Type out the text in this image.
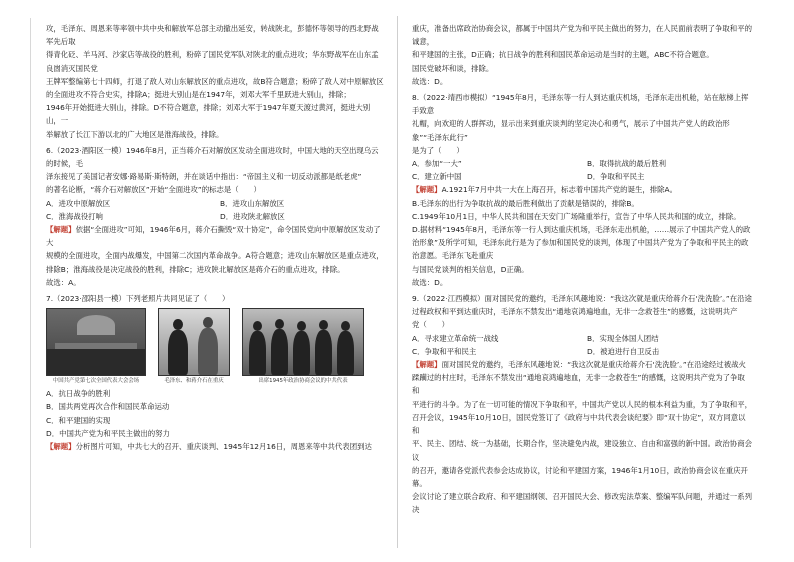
攻，毛泽东、周恩来等率领中共中央和解放军总部主动撤出延安，转战陕北，彭德怀等领导的西北野战军先后取

得青化砭、羊马河、沙家店等战役的胜利，粉碎了国民党军队对陕北的重点进攻；华东野战军在山东孟良崮消灭国民党

王牌军整编第七十四师，打退了敌人对山东解放区的重点进攻，故B符合题意；粉碎了敌人对中原解放区

的全面进攻不符合史实，排除A；挺进大别山是在1947年，刘邓大军千里跃进大别山，排除；

1946年开始挺进大别山，排除。D不符合题意，排除；刘邓大军于1947年夏天渡过黄河，挺进大别山，一

举解放了长江下游以北的广大地区是淮海战役，排除。

6.（2023·酒阳区一模）1946年8月，正当蒋介石对解放区发动全面进攻时，中国大地的天空出现乌云的时候，毛

泽东接见了美国记者安娜·路易斯·斯特朗，并在谈话中指出：“帝国主义和一切反动派都是纸老虎”

的著名论断，“蒋介石对解放区”开始“全面进攻”的标志是（　　）

A．进攻中原解放区	B．进攻山东解放区
C．淮海战役打响	D．进攻陕北解放区

【解题】依据“全面进攻”可知，1946年6月，蒋介石撕毁“双十协定”，命令国民党向中原解放区发动了大

规模的全面进攻，全面内战爆发，中国第二次国内革命战争。A符合题意；进攻山东解放区是重点进攻，

排除B；淮海战役是决定战役的胜利，排除C；进攻陕北解放区是蒋介石的重点进攻，排除。

故选：A。

7.（2023·邵阳县一模）下列老照片共同见证了（　　）

中国共产党第七次全国代表大会会场	毛泽东、和蒋介石在重庆	出席1945年政治协商会议的中共代表
A．抗日战争的胜利
B．国共两党再次合作和国民革命运动
C．和平建国的实现
D．中国共产党为和平民主做出的努力

【解题】分析图片可知，中共七大的召开、重庆谈判、1945年12月16日，周恩来等中共代表团到达

重庆，准备出席政治协商会议，都属于中国共产党为和平民主做出的努力，在人民面前表明了争取和平的诚意，

和平建国的主张，D正确；抗日战争的胜利和国民革命运动是当时的主题，ABC不符合题意。

国民党破坏和谈，排除。

故选：D。

8.（2022·靖西市模拟）“1945年8月，毛泽东等一行人到达重庆机场，毛泽东走出机舱，站在舷梯上挥手致意

礼帽，向欢迎的人群挥动，显示出来到重庆谈判的坚定决心和勇气，展示了中国共产党人的政治形象”“毛泽东此行”

是为了（　　）

A．参加“一大”	B．取得抗战的最后胜利
C．建立新中国	D．争取和平民主

【解题】A.1921年7月中共一大在上海召开，标志着中国共产党的诞生，排除A。

B.毛泽东的出行为争取抗战的最后胜利做出了贡献是错误的，排除B。

C.1949年10月1日，中华人民共和国在天安门广场隆重举行，宣告了中华人民共和国的成立，排除。

D.据材料“1945年8月，毛泽东等一行人到达重庆机场，毛泽东走出机舱，……展示了中国共产党人的政

治形象”及所学可知，毛泽东此行是为了参加和国民党的谈判，体现了中国共产党为了争取和平民主的政治意愿。毛泽东飞赴重庆

与国民党谈判的相关信息，D正确。

故选：D。

9.（2022·江西模拟）面对国民党的邀约，毛泽东风趣地说：“我这次就是重庆给蒋介石‘洗洗脸’。”在沿途

过程政权和平到达重庆时，毛泽东不禁发出“通地哀鸿遍地血，无非一念救苍生”的感慨，这说明共产

党（　　）

A．寻求建立革命统一战线	B．实现全体国人团结
C．争取和平和民主	D．被迫进行自卫反击

【解题】面对国民党的邀约，毛泽东风趣地说：“我这次就是重庆给蒋介石‘洗洗脸’。”在沿途经过被战火

蹂躏过的村庄时，毛泽东不禁发出“通地哀鸿遍地血，无非一念救苍生”的感慨，这说明共产党为了争取和

平进行的斗争。为了在一切可能的情况下争取和平，中国共产党以人民的根本利益为重，为了争取和平，

召开会议，1945年10月10日，国民党签订了《政府与中共代表会谈纪要》即“双十协定”，双方同意以和

平、民主、团结、统一为基础，长期合作，坚决避免内战，建设独立、自由和富强的新中国。政治协商会议

的召开，邀请各党派代表参会达成协议，讨论和平建国方案，1946年1月10日，政治协商会议在重庆开幕。

会议讨论了建立联合政府、和平建国纲领、召开国民大会、修改宪法草案、整编军队问题，并通过一系列决
